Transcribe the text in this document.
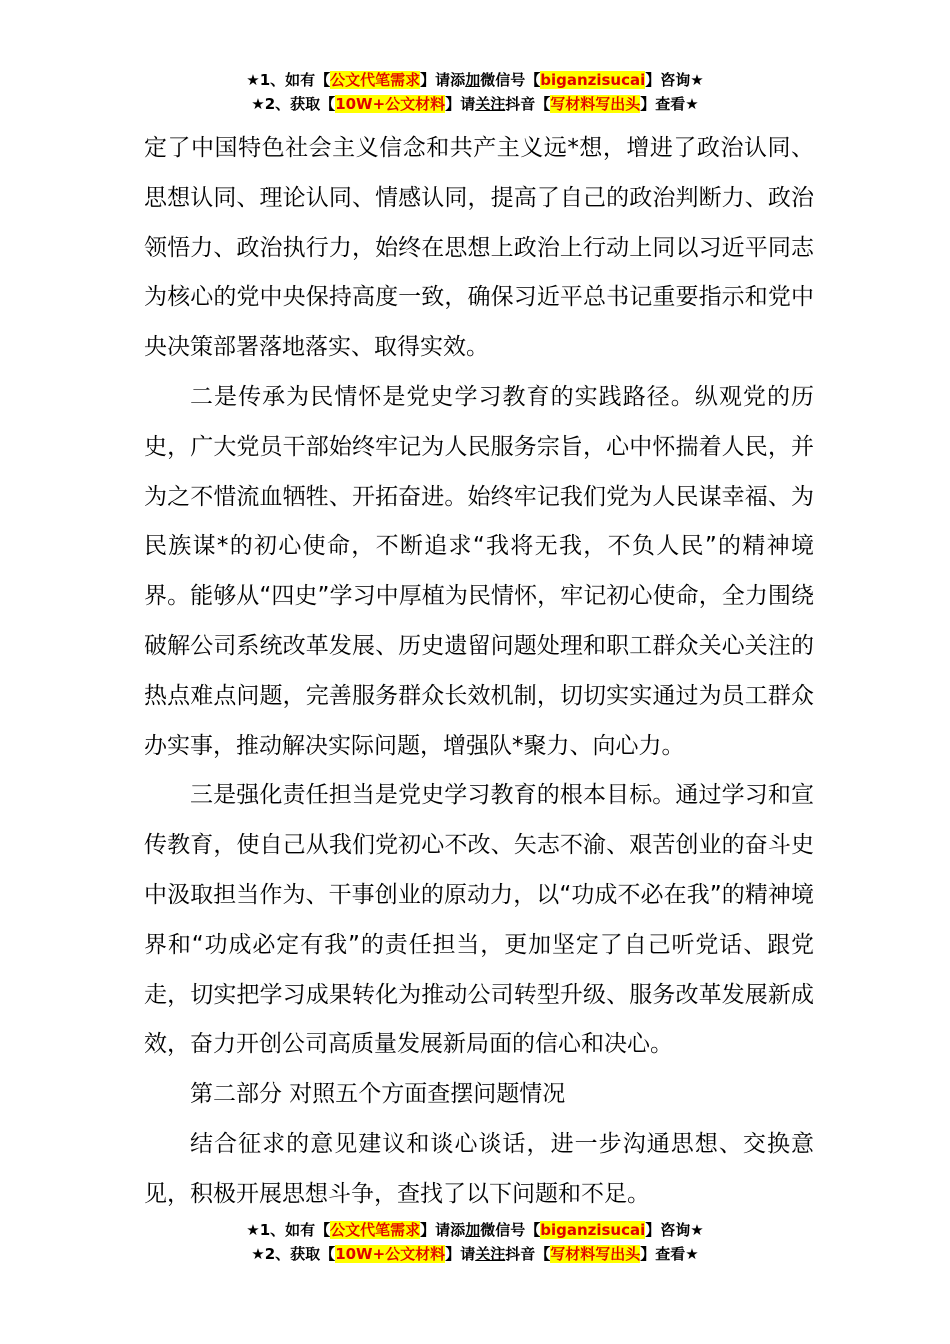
★1、如有【公文代笔需求】请添加微信号【biganzisucai】咨询★
★2、获取【10W+公文材料】请关注抖音【写材料写出头】查看★

定了中国特色社会主义信念和共产主义远*想，增进了政治认同、思想认同、理论认同、情感认同，提高了自己的政治判断力、政治领悟力、政治执行力，始终在思想上政治上行动上同以习近平同志为核心的党中央保持高度一致，确保习近平总书记重要指示和党中央决策部署落地落实、取得实效。

二是传承为民情怀是党史学习教育的实践路径。纵观党的历史，广大党员干部始终牢记为人民服务宗旨，心中怀揣着人民，并为之不惜流血牺牲、开拓奋进。始终牢记我们党为人民谋幸福、为民族谋*的初心使命，不断追求“我将无我，不负人民”的精神境界。能够从“四史”学习中厚植为民情怀，牢记初心使命，全力围绕破解公司系统改革发展、历史遗留问题处理和职工群众关心关注的热点难点问题，完善服务群众长效机制，切切实实通过为员工群众办实事，推动解决实际问题，增强队*聚力、向心力。

三是强化责任担当是党史学习教育的根本目标。通过学习和宣传教育，使自己从我们党初心不改、矢志不渝、艰苦创业的奋斗史中汲取担当作为、干事创业的原动力，以“功成不必在我”的精神境界和“功成必定有我”的责任担当，更加坚定了自己听党话、跟党走，切实把学习成果转化为推动公司转型升级、服务改革发展新成效，奋力开创公司高质量发展新局面的信心和决心。

第二部分 对照五个方面查摆问题情况

结合征求的意见建议和谈心谈话，进一步沟通思想、交换意见，积极开展思想斗争，查找了以下问题和不足。

★1、如有【公文代笔需求】请添加微信号【biganzisucai】咨询★
★2、获取【10W+公文材料】请关注抖音【写材料写出头】查看★
